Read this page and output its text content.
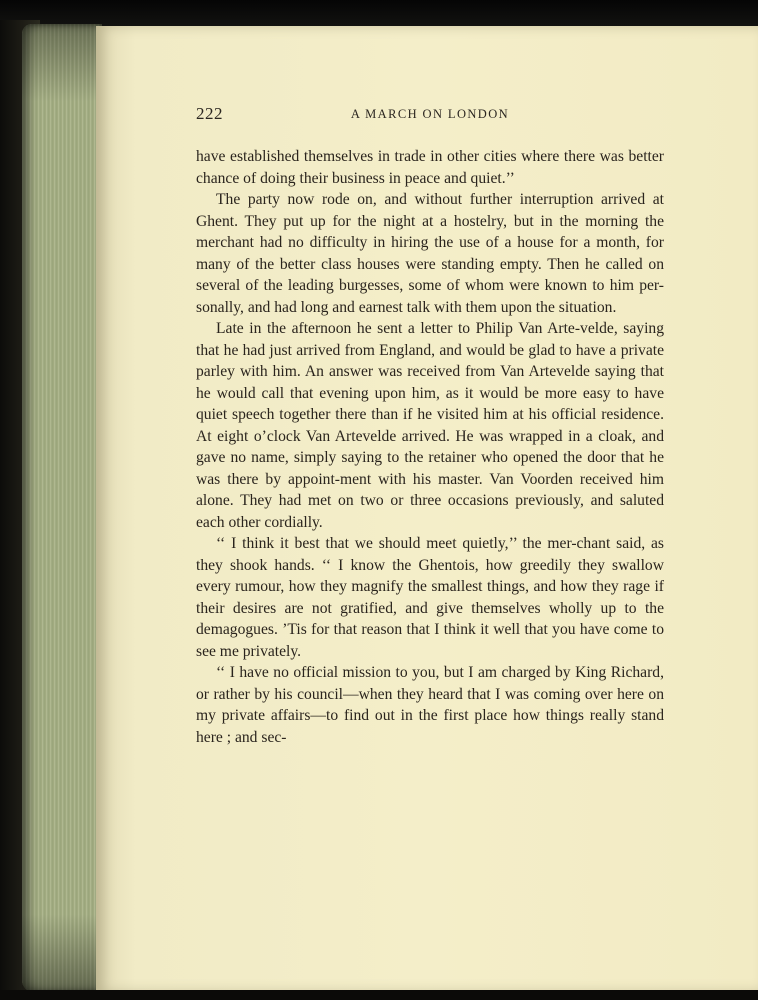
222	A MARCH ON LONDON

have established themselves in trade in other cities where there was better chance of doing their business in peace and quiet.’’

The party now rode on, and without further interruption arrived at Ghent. They put up for the night at a hostelry, but in the morning the merchant had no difficulty in hiring the use of a house for a month, for many of the better class houses were standing empty. Then he called on several of the leading burgesses, some of whom were known to him per-sonally, and had long and earnest talk with them upon the situation.

Late in the afternoon he sent a letter to Philip Van Arte-velde, saying that he had just arrived from England, and would be glad to have a private parley with him. An answer was received from Van Artevelde saying that he would call that evening upon him, as it would be more easy to have quiet speech together there than if he visited him at his official residence. At eight o’clock Van Artevelde arrived. He was wrapped in a cloak, and gave no name, simply saying to the retainer who opened the door that he was there by appoint-ment with his master. Van Voorden received him alone. They had met on two or three occasions previously, and saluted each other cordially.

‘‘ I think it best that we should meet quietly,’’ the mer-chant said, as they shook hands. ‘‘ I know the Ghentois, how greedily they swallow every rumour, how they magnify the smallest things, and how they rage if their desires are not gratified, and give themselves wholly up to the demagogues. ’Tis for that reason that I think it well that you have come to see me privately.

‘‘ I have no official mission to you, but I am charged by King Richard, or rather by his council—when they heard that I was coming over here on my private affairs—to find out in the first place how things really stand here ; and sec-
